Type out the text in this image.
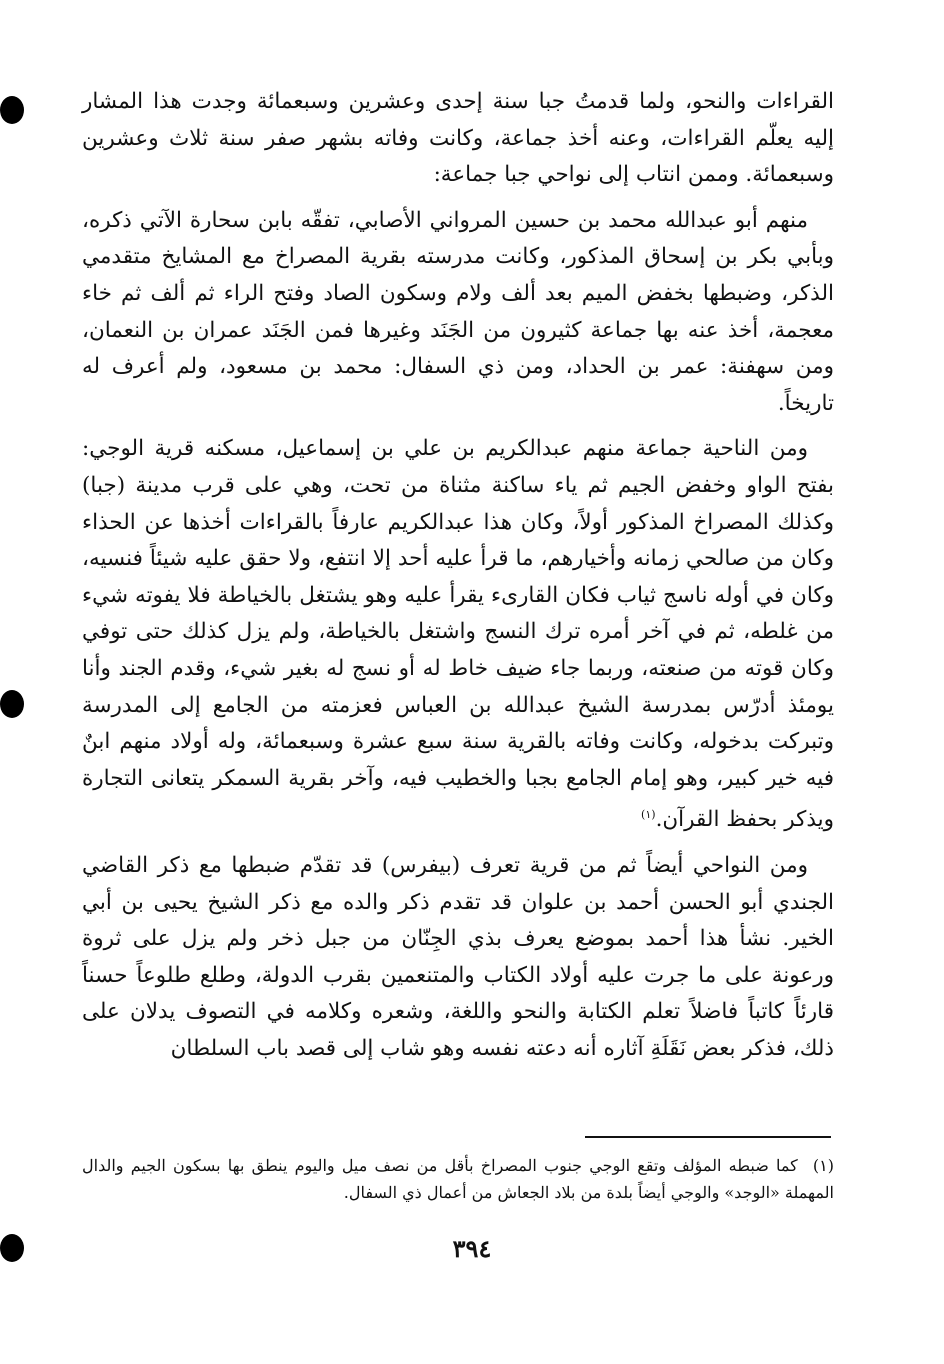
القراءات والنحو، ولما قدمتُ جبا سنة إحدى وعشرين وسبعمائة وجدت هذا المشار إليه يعلّم القراءات، وعنه أخذ جماعة، وكانت وفاته بشهر صفر سنة ثلاث وعشرين وسبعمائة. وممن انتاب إلى نواحي جبا جماعة:

منهم أبو عبدالله محمد بن حسين المرواني الأصابي، تفقّه بابن سحارة الآتي ذكره، وبأبي بكر بن إسحاق المذكور، وكانت مدرسته بقرية المصراخ مع المشايخ متقدمي الذكر، وضبطها بخفض الميم بعد ألف ولام وسكون الصاد وفتح الراء ثم ألف ثم خاء معجمة، أخذ عنه بها جماعة كثيرون من الجَنَد وغيرها فمن الجَنَد عمران بن النعمان، ومن سهفنة: عمر بن الحداد، ومن ذي السفال: محمد بن مسعود، ولم أعرف له تاريخاً.

ومن الناحية جماعة منهم عبدالكريم بن علي بن إسماعيل، مسكنه قرية الوجي: بفتح الواو وخفض الجيم ثم ياء ساكنة مثناة من تحت، وهي على قرب مدينة (جبا) وكذلك المصراخ المذكور أولاً، وكان هذا عبدالكريم عارفاً بالقراءات أخذها عن الحذاء وكان من صالحي زمانه وأخيارهم، ما قرأ عليه أحد إلا انتفع، ولا حقق عليه شيئاً فنسيه، وكان في أوله ناسج ثياب فكان القارىء يقرأ عليه وهو يشتغل بالخياطة فلا يفوته شيء من غلطه، ثم في آخر أمره ترك النسج واشتغل بالخياطة، ولم يزل كذلك حتى توفي وكان قوته من صنعته، وربما جاء ضيف خاط له أو نسج له بغير شيء، وقدم الجند وأنا يومئذ أدرّس بمدرسة الشيخ عبدالله بن العباس فعزمته من الجامع إلى المدرسة وتبركت بدخوله، وكانت وفاته بالقرية سنة سبع عشرة وسبعمائة، وله أولاد منهم ابنٌ فيه خير كبير، وهو إمام الجامع بجبا والخطيب فيه، وآخر بقرية السمكر يتعانى التجارة ويذكر بحفظ القرآن.$^{(١)}$

ومن النواحي أيضاً ثم من قرية تعرف (بيفرس) قد تقدّم ضبطها مع ذكر القاضي الجندي أبو الحسن أحمد بن علوان قد تقدم ذكر والده مع ذكر الشيخ يحيى بن أبي الخير. نشأ هذا أحمد بموضع يعرف بذي الجِنّان من جبل ذخر ولم يزل على ثروة ورعونة على ما جرت عليه أولاد الكتاب والمتنعمين بقرب الدولة، وطلع طلوعاً حسناً قارئاً كاتباً فاضلاً تعلم الكتابة والنحو واللغة، وشعره وكلامه في التصوف يدلان على ذلك، فذكر بعض نَقَلَةِ آثاره أنه دعته نفسه وهو شاب إلى قصد باب السلطان

(١) كما ضبطه المؤلف وتقع الوجي جنوب المصراخ بأقل من نصف ميل واليوم ينطق بها بسكون الجيم والدال المهملة «الوجد» والوجي أيضاً بلدة من بلاد الجعاش من أعمال ذي السفال.
٣٩٤
